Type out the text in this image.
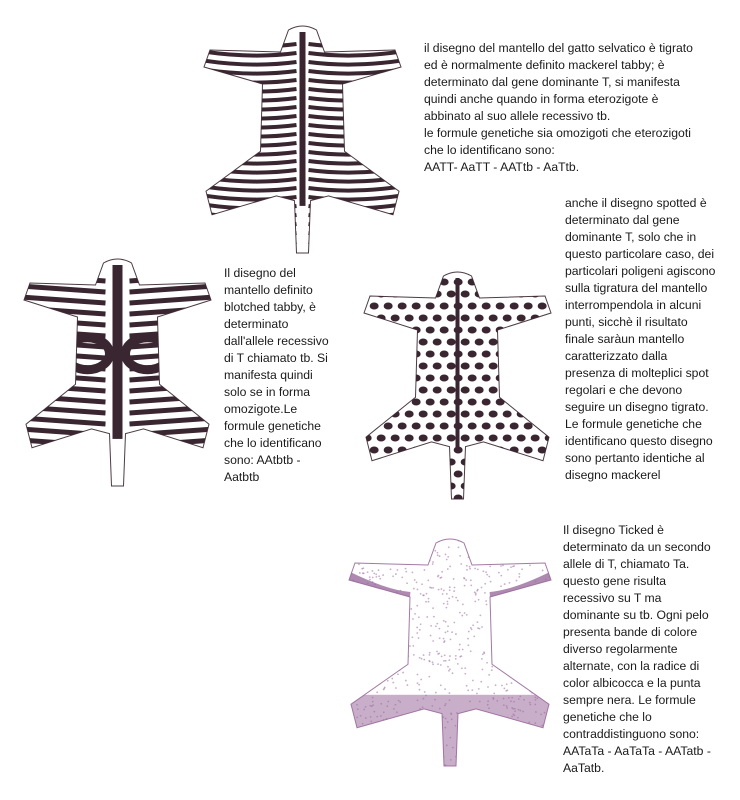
il disegno del mantello del gatto selvatico è tigrato
ed è normalmente definito mackerel tabby; è
determinato dal gene dominante T, si manifesta
quindi anche quando in forma eterozigote è
abbinato al suo allele recessivo tb.
le formule genetiche sia omozigoti che eterozigoti
che lo identificano sono:
AATT- AaTT - AATtb - AaTtb.
Il disegno del
mantello definito
blotched tabby, è
determinato
dall'allele recessivo
di T chiamato tb. Si
manifesta quindi
solo se in forma
omozigote.Le
formule genetiche
che lo identificano
sono: AAtbtb -
Aatbtb
anche il disegno spotted è
determinato dal gene
dominante T, solo che in
questo particolare caso, dei
particolari poligeni agiscono
sulla tigratura del mantello
interrompendola in alcuni
punti, sicchè il risultato
finale saràun mantello
caratterizzato dalla
presenza di molteplici spot
regolari e che devono
seguire un disegno tigrato.
Le formule genetiche che
identificano questo disegno
sono pertanto identiche al
disegno mackerel
Il disegno Ticked è
determinato da un secondo
allele di T, chiamato Ta.
questo gene risulta
recessivo su T ma
dominante su tb. Ogni pelo
presenta bande di colore
diverso regolarmente
alternate, con la radice di
color albicocca e la punta
sempre nera. Le formule
genetiche che lo
contraddistinguono sono:
AATaTa - AaTaTa - AATatb -
AaTatb.
